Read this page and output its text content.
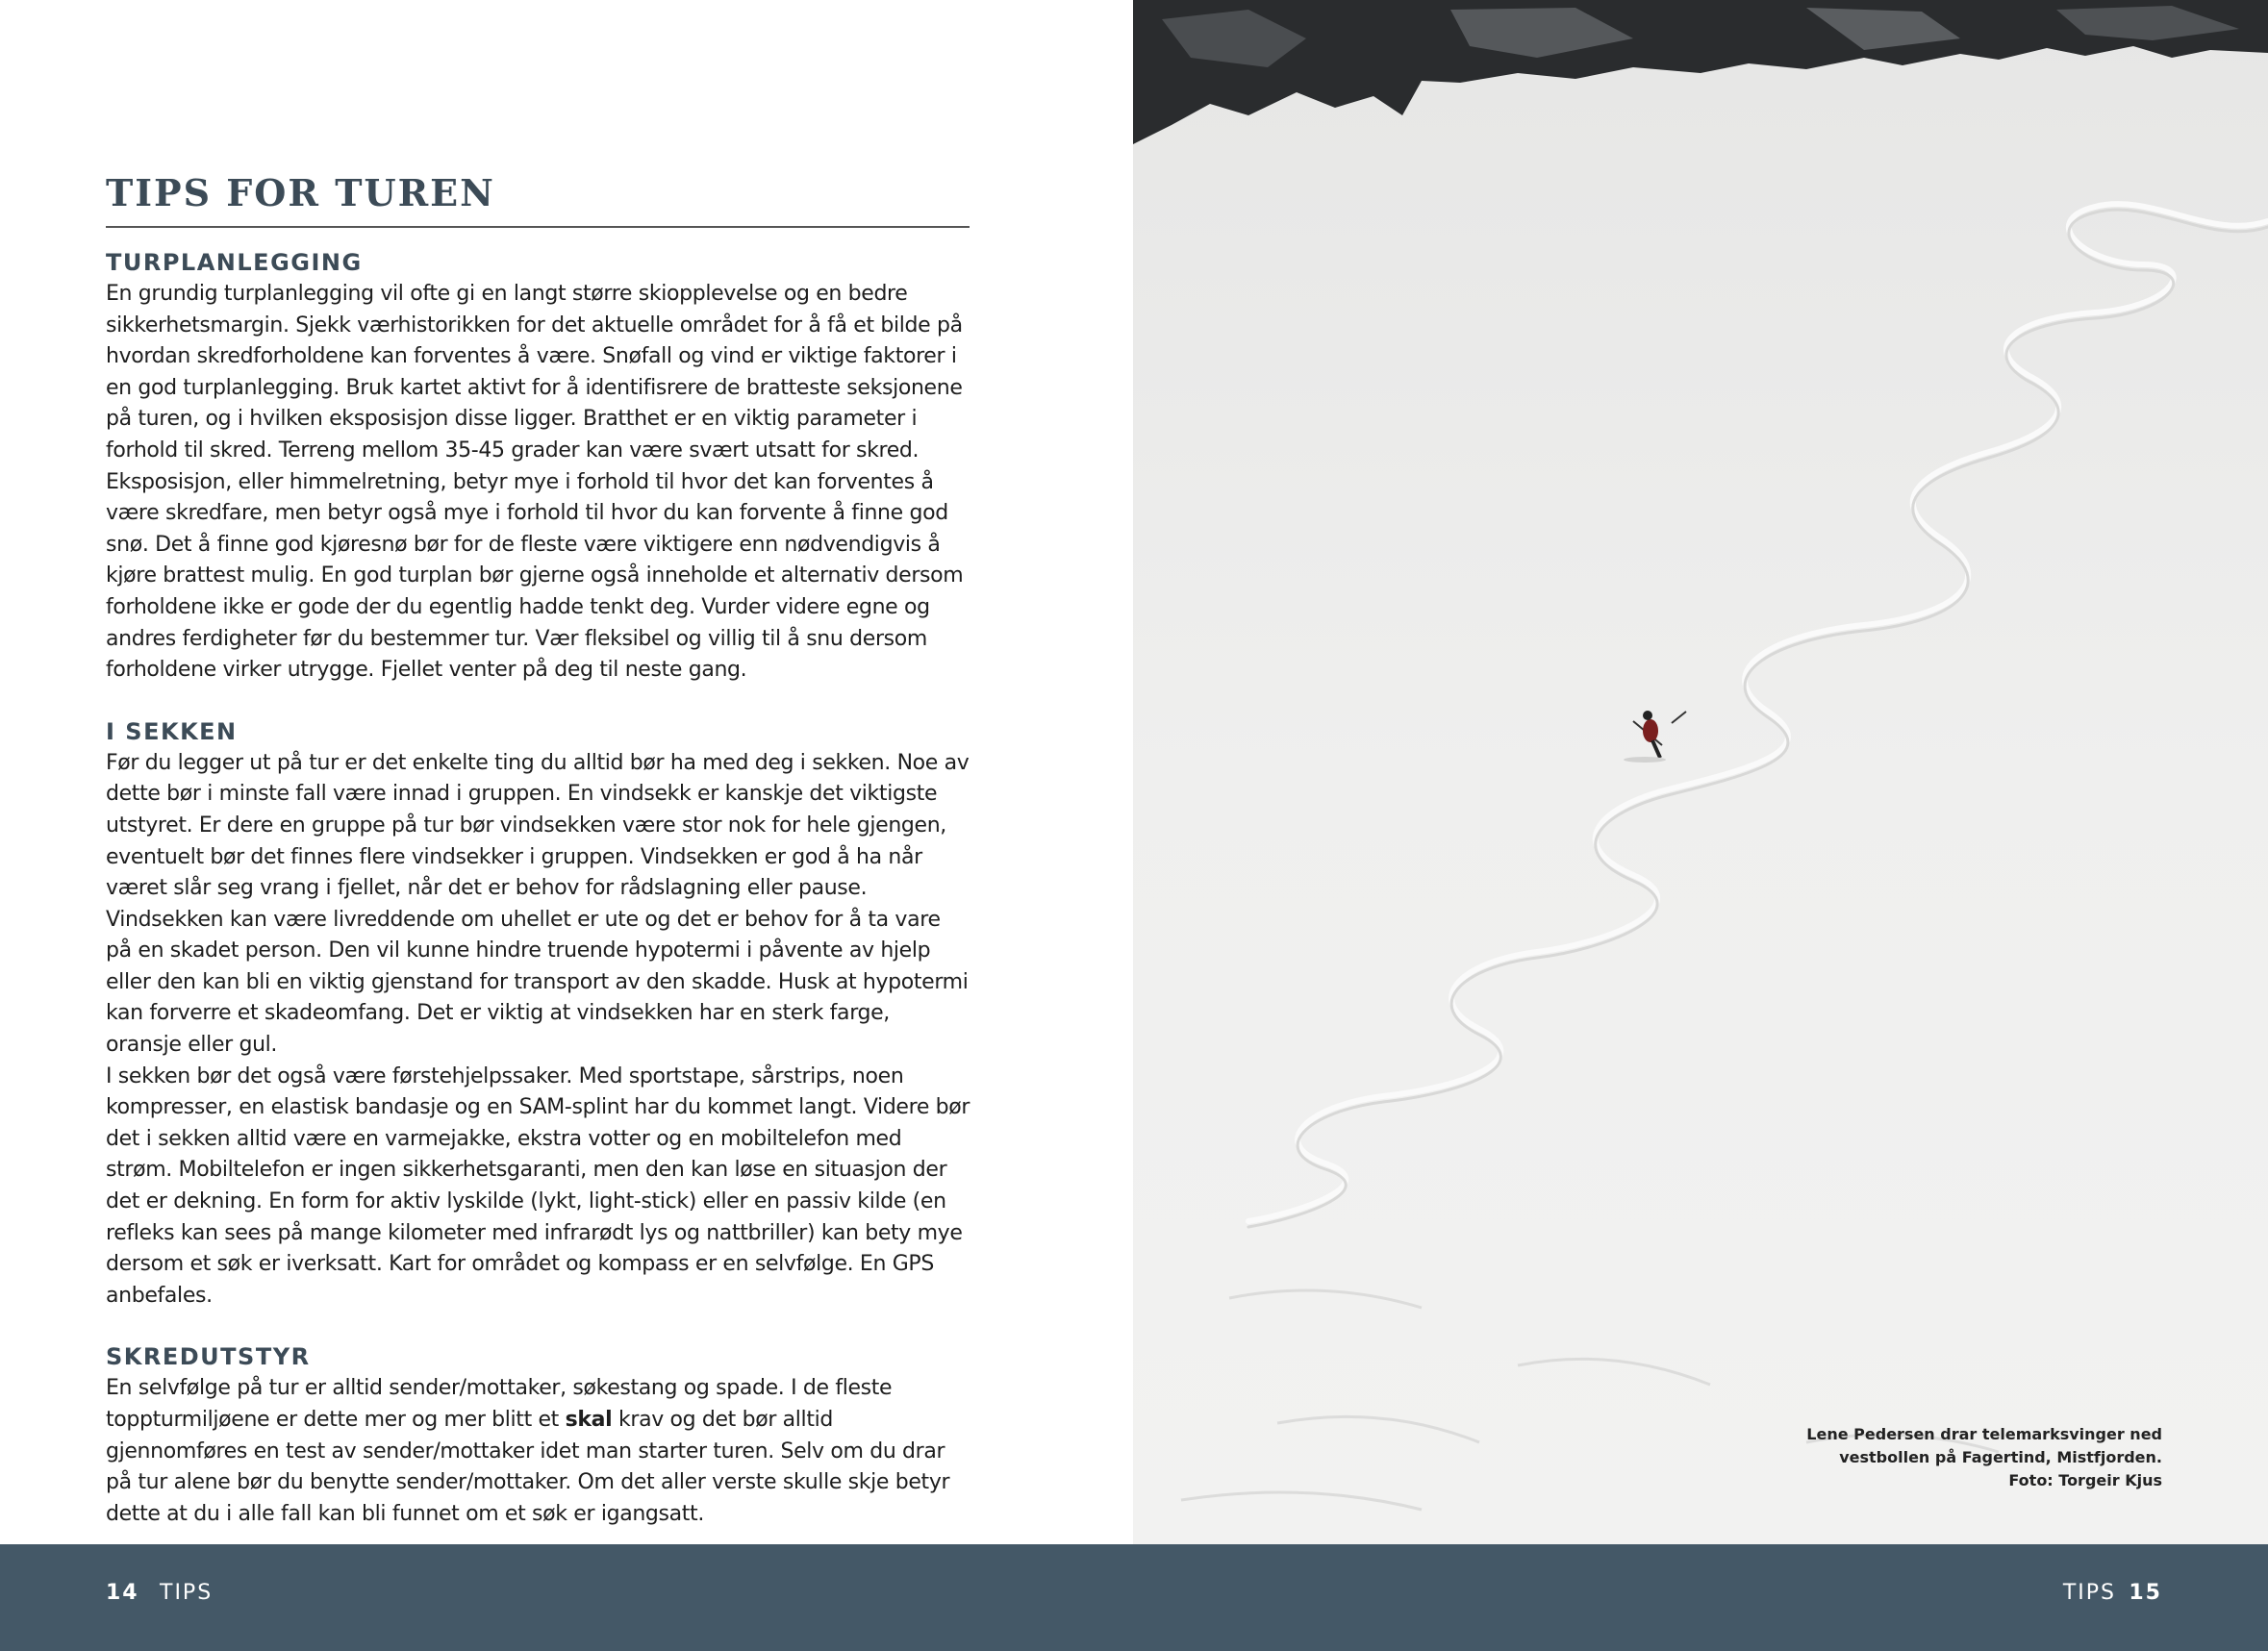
TIPS FOR TUREN
TURPLANLEGGING

En grundig turplanlegging vil ofte gi en langt større skiopplevelse og en bedre sikkerhetsmargin. Sjekk værhistorikken for det aktuelle området for å få et bilde på hvordan skredforholdene kan forventes å være. Snøfall og vind er viktige faktorer i en god turplanlegging. Bruk kartet aktivt for å identifisrere de bratteste seksjonene på turen, og i hvilken eksposisjon disse ligger. Bratthet er en viktig parameter i forhold til skred. Terreng mellom 35-45 grader kan være svært utsatt for skred. Eksposisjon, eller himmelretning, betyr mye i forhold til hvor det kan forventes å være skredfare, men betyr også mye i forhold til hvor du kan forvente å finne god snø. Det å finne god kjøresnø bør for de fleste være viktigere enn nødvendigvis å kjøre brattest mulig. En god turplan bør gjerne også inneholde et alternativ dersom forholdene ikke er gode der du egentlig hadde tenkt deg. Vurder videre egne og andres ferdigheter før du bestemmer tur. Vær fleksibel og villig til å snu dersom forholdene virker utrygge. Fjellet venter på deg til neste gang.

I SEKKEN

Før du legger ut på tur er det enkelte ting du alltid bør ha med deg i sekken. Noe av dette bør i minste fall være innad i gruppen. En vindsekk er kanskje det viktigste utstyret. Er dere en gruppe på tur bør vindsekken være stor nok for hele gjengen, eventuelt bør det finnes flere vindsekker i gruppen. Vindsekken er god å ha når været slår seg vrang i fjellet, når det er behov for rådslagning eller pause. Vindsekken kan være livreddende om uhellet er ute og det er behov for å ta vare på en skadet person. Den vil kunne hindre truende hypotermi i påvente av hjelp eller den kan bli en viktig gjenstand for transport av den skadde. Husk at hypotermi kan forverre et skadeomfang. Det er viktig at vindsekken har en sterk farge, oransje eller gul.

I sekken bør det også være førstehjelpssaker. Med sportstape, sårstrips, noen kompresser, en elastisk bandasje og en SAM-splint har du kommet langt. Videre bør det i sekken alltid være en varmejakke, ekstra votter og en mobiltelefon med strøm. Mobiltelefon er ingen sikkerhetsgaranti, men den kan løse en situasjon der det er dekning. En form for aktiv lyskilde (lykt, light-stick) eller en passiv kilde (en refleks kan sees på mange kilometer med infrarødt lys og nattbriller) kan bety mye dersom et søk er iverksatt. Kart for området og kompass er en selvfølge. En GPS anbefales.

SKREDUTSTYR

En selvfølge på tur er alltid sender/mottaker, søkestang og spade. I de fleste toppturmiljøene er dette mer og mer blitt et skal krav og det bør alltid gjennomføres en test av sender/mottaker idet man starter turen. Selv om du drar på tur alene bør du benytte sender/mottaker. Om det aller verste skulle skje betyr dette at du i alle fall kan bli funnet om et søk er igangsatt.

Lene Pedersen drar telemarksvinger ned
vestbollen på Fagertind, Mistfjorden.
Foto: Torgeir Kjus
14 TIPS	TIPS 15
